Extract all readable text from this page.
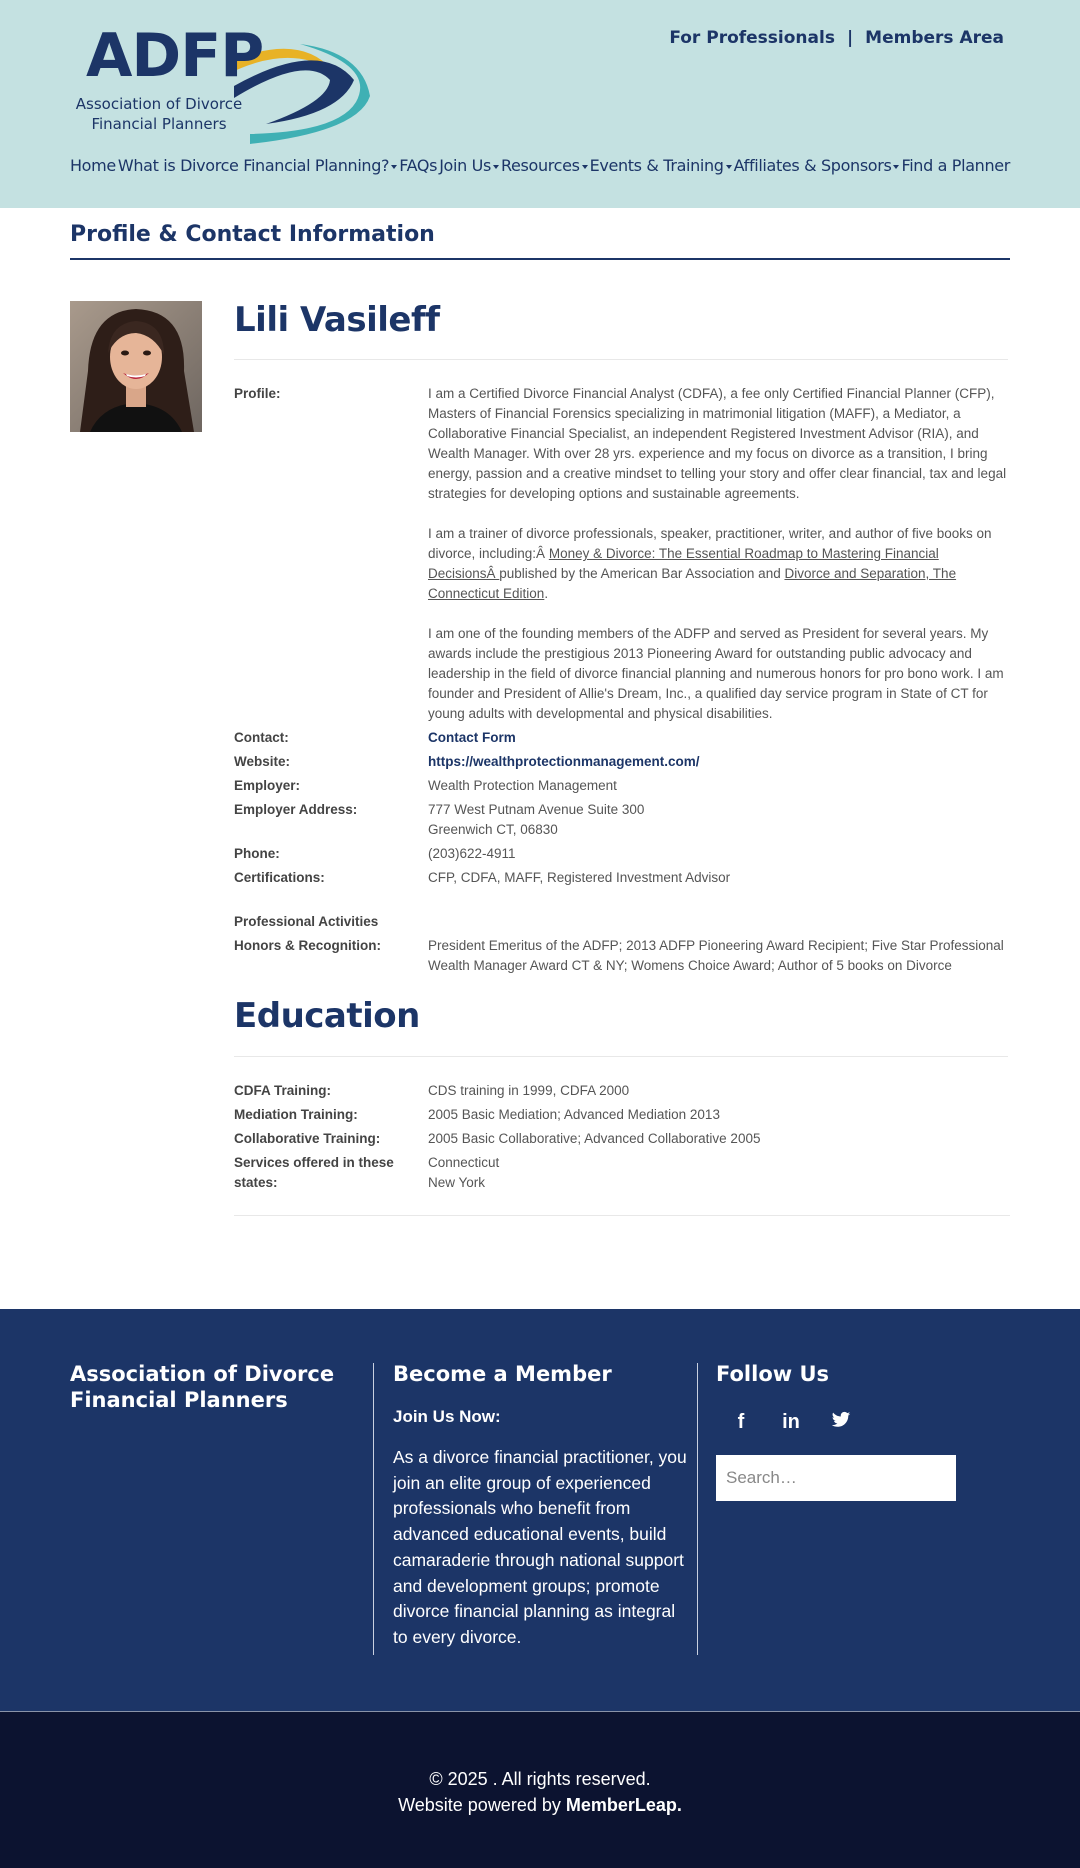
ADFP
Association of Divorce
Financial Planners
For Professionals | Members Area
Home What is Divorce Financial Planning? FAQs Join Us Resources Events & Training Affiliates & Sponsors Find a Planner
Profile & Contact Information
Lili Vasileff
Profile:	I am a Certified Divorce Financial Analyst (CDFA), a fee only Certified Financial Planner (CFP), Masters of Financial Forensics specializing in matrimonial litigation (MAFF), a Mediator, a Collaborative Financial Specialist, an independent Registered Investment Advisor (RIA), and Wealth Manager. With over 28 yrs. experience and my focus on divorce as a transition, I bring energy, passion and a creative mindset to telling your story and offer clear financial, tax and legal strategies for developing options and sustainable agreements.

I am a trainer of divorce professionals, speaker, practitioner, writer, and author of five books on divorce, including:Â Money & Divorce: The Essential Roadmap to Mastering Financial DecisionsÂ published by the American Bar Association and Divorce and Separation, The Connecticut Edition.

I am one of the founding members of the ADFP and served as President for several years. My awards include the prestigious 2013 Pioneering Award for outstanding public advocacy and leadership in the field of divorce financial planning and numerous honors for pro bono work. I am founder and President of Allie's Dream, Inc., a qualified day service program in State of CT for young adults with developmental and physical disabilities.

Contact:	Contact Form
Website:	https://wealthprotectionmanagement.com/
Employer:	Wealth Protection Management
Employer Address:	777 West Putnam Avenue Suite 300
Greenwich CT, 06830
Phone:	(203)622-4911
Certifications:	CFP, CDFA, MAFF, Registered Investment Advisor
Professional Activities
Honors & Recognition:	President Emeritus of the ADFP; 2013 ADFP Pioneering Award Recipient; Five Star Professional Wealth Manager Award CT & NY; Womens Choice Award; Author of 5 books on Divorce
Education
CDFA Training:	CDS training in 1999, CDFA 2000
Mediation Training:	2005 Basic Mediation; Advanced Mediation 2013
Collaborative Training:	2005 Basic Collaborative; Advanced Collaborative 2005
Services offered in these states:
Connecticut
New York
Association of Divorce Financial Planners
Become a Member
Join Us Now:
As a divorce financial practitioner, you join an elite group of experienced professionals who benefit from advanced educational events, build camaraderie through national support and development groups; promote divorce financial planning as integral to every divorce.
Follow Us
f	in
Search…
© 2025 . All rights reserved.
Website powered by MemberLeap.
